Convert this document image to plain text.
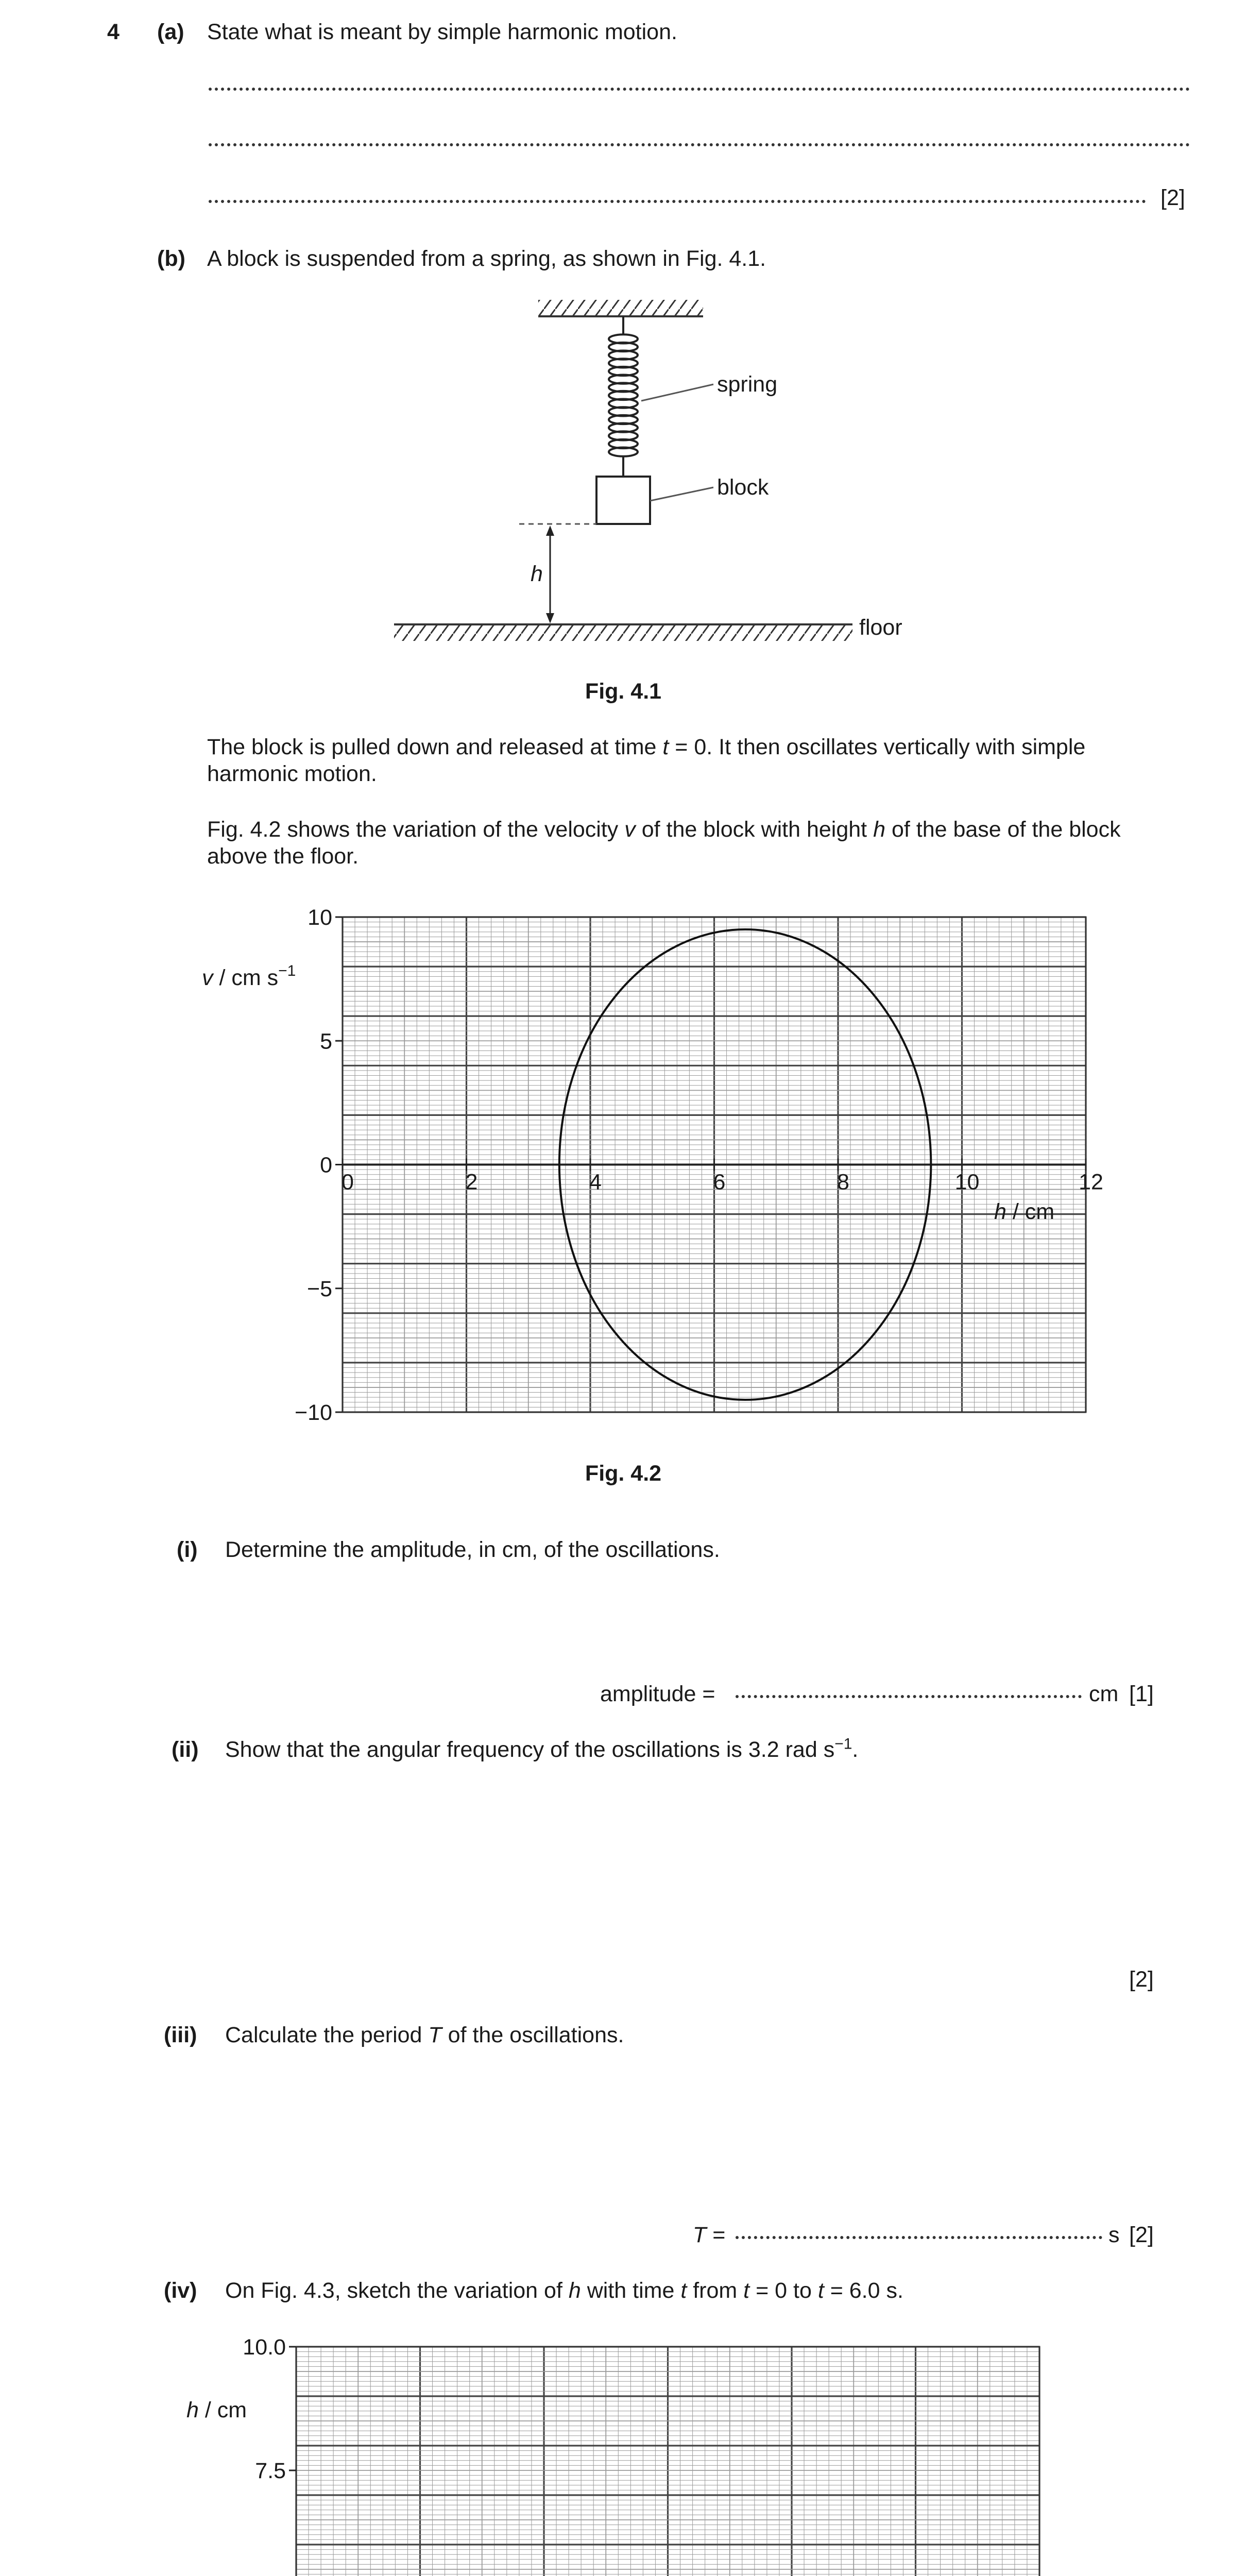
4 (a) State what is meant by simple harmonic motion.
[2]
(b) A block is suspended from a spring, as shown in Fig. 4.1.
spring
block
h
floor
Fig. 4.1
The block is pulled down and released at time t = 0. It then oscillates vertically with simple
harmonic motion.
Fig. 4.2 shows the variation of the velocity v of the block with height h of the base of the block
above the floor.
0	2	4	6	8	10	12
−10
−5
0
5
10
v / cm $s^{-1}$
h / cm
Fig. 4.2
(i) Determine the amplitude, in cm, of the oscillations.
amplitude =	cm [1]
(ii) Show that the angular frequency of the oscillations is 3.2 rad $s^{-1}$.
[2]
(iii) Calculate the period T of the oscillations.
T =	s [2]
(iv) On Fig. 4.3, sketch the variation of h with time t from t = 0 to t = 6.0 s.
7.5
10.0
h / cm
